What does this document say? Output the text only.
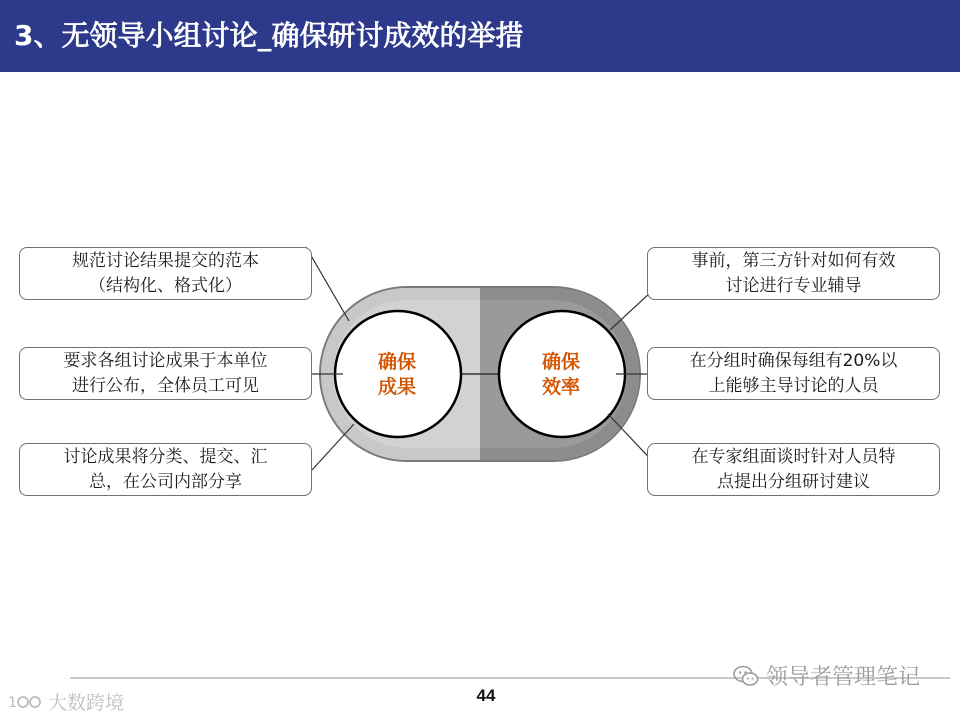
3、无领导小组讨论_确保研讨成效的举措
确保
成果
确保
效率
规范讨论结果提交的范本
（结构化、格式化）
要求各组讨论成果于本单位
进行公布，全体员工可见
讨论成果将分类、提交、汇
总，在公司内部分享
事前，第三方针对如何有效
讨论进行专业辅导
在分组时确保每组有20%以
上能够主导讨论的人员
在专家组面谈时针对人员特
点提出分组研讨建议
44
领导者管理笔记
1 大数跨境
